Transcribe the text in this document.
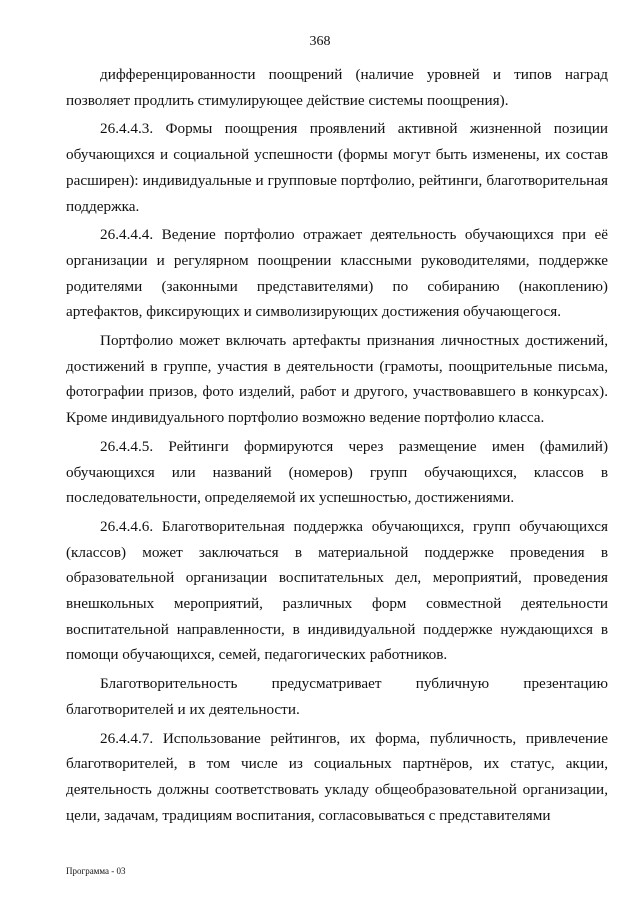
368

дифференцированности поощрений (наличие уровней и типов наград позволяет продлить стимулирующее действие системы поощрения).

26.4.4.3. Формы поощрения проявлений активной жизненной позиции обучающихся и социальной успешности (формы могут быть изменены, их состав расширен): индивидуальные и групповые портфолио, рейтинги, благотворительная поддержка.

26.4.4.4. Ведение портфолио отражает деятельность обучающихся при её организации и регулярном поощрении классными руководителями, поддержке родителями (законными представителями) по собиранию (накоплению) артефактов, фиксирующих и символизирующих достижения обучающегося.

Портфолио может включать артефакты признания личностных достижений, достижений в группе, участия в деятельности (грамоты, поощрительные письма, фотографии призов, фото изделий, работ и другого, участвовавшего в конкурсах). Кроме индивидуального портфолио возможно ведение портфолио класса.

26.4.4.5. Рейтинги формируются через размещение имен (фамилий) обучающихся или названий (номеров) групп обучающихся, классов в последовательности, определяемой их успешностью, достижениями.

26.4.4.6. Благотворительная поддержка обучающихся, групп обучающихся (классов) может заключаться в материальной поддержке проведения в образовательной организации воспитательных дел, мероприятий, проведения внешкольных мероприятий, различных форм совместной деятельности воспитательной направленности, в индивидуальной поддержке нуждающихся в помощи обучающихся, семей, педагогических работников.

Благотворительность предусматривает публичную презентацию благотворителей и их деятельности.

26.4.4.7. Использование рейтингов, их форма, публичность, привлечение благотворителей, в том числе из социальных партнёров, их статус, акции, деятельность должны соответствовать укладу общеобразовательной организации, цели, задачам, традициям воспитания, согласовываться с представителями

Программа - 03
